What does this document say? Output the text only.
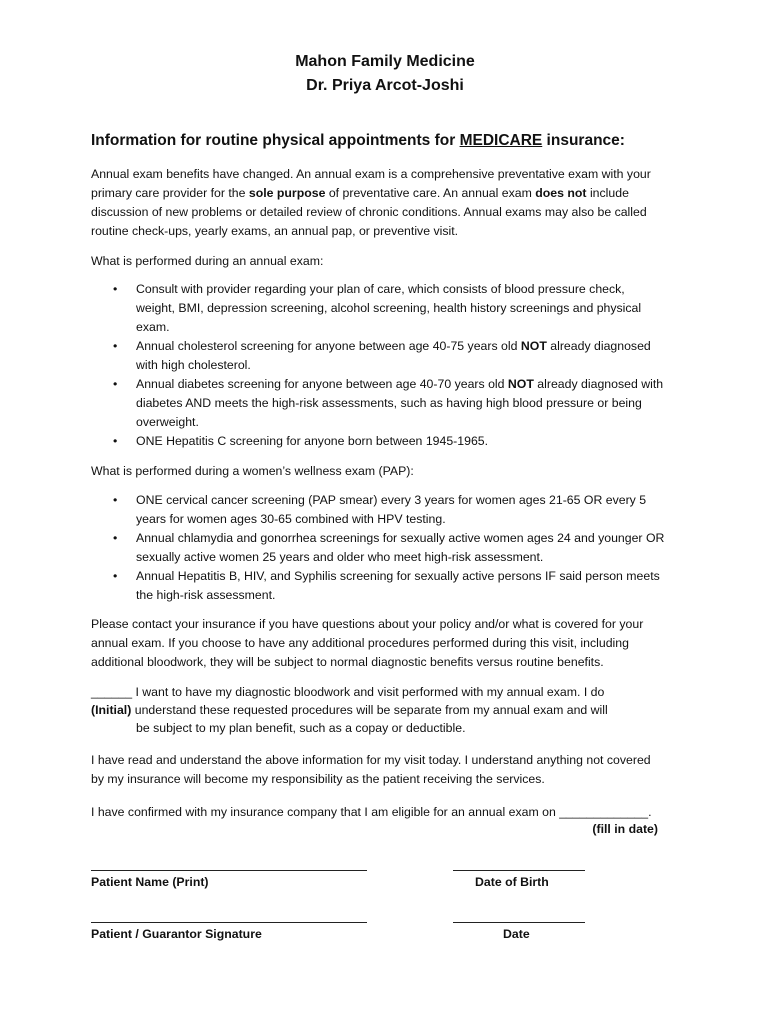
Mahon Family Medicine
Dr. Priya Arcot-Joshi
Information for routine physical appointments for MEDICARE insurance:
Annual exam benefits have changed. An annual exam is a comprehensive preventative exam with your
primary care provider for the sole purpose of preventative care. An annual exam does not include
discussion of new problems or detailed review of chronic conditions. Annual exams may also be called
routine check-ups, yearly exams, an annual pap, or preventive visit.
What is performed during an annual exam:
• Consult with provider regarding your plan of care, which consists of blood pressure check,
weight, BMI, depression screening, alcohol screening, health history screenings and physical
exam.
• Annual cholesterol screening for anyone between age 40-75 years old NOT already diagnosed
with high cholesterol.
• Annual diabetes screening for anyone between age 40-70 years old NOT already diagnosed with
diabetes AND meets the high-risk assessments, such as having high blood pressure or being
overweight.
• ONE Hepatitis C screening for anyone born between 1945-1965.
What is performed during a women’s wellness exam (PAP):
• ONE cervical cancer screening (PAP smear) every 3 years for women ages 21-65 OR every 5
years for women ages 30-65 combined with HPV testing.
• Annual chlamydia and gonorrhea screenings for sexually active women ages 24 and younger OR
sexually active women 25 years and older who meet high-risk assessment.
• Annual Hepatitis B, HIV, and Syphilis screening for sexually active persons IF said person meets
the high-risk assessment.
Please contact your insurance if you have questions about your policy and/or what is covered for your
annual exam. If you choose to have any additional procedures performed during this visit, including
additional bloodwork, they will be subject to normal diagnostic benefits versus routine benefits.
______ I want to have my diagnostic bloodwork and visit performed with my annual exam. I do
(Initial) understand these requested procedures will be separate from my annual exam and will
be subject to my plan benefit, such as a copay or deductible.
I have read and understand the above information for my visit today. I understand anything not covered
by my insurance will become my responsibility as the patient receiving the services.
I have confirmed with my insurance company that I am eligible for an annual exam on _____________.
(fill in date)
Patient Name (Print)	Date of Birth
Patient / Guarantor Signature	Date
